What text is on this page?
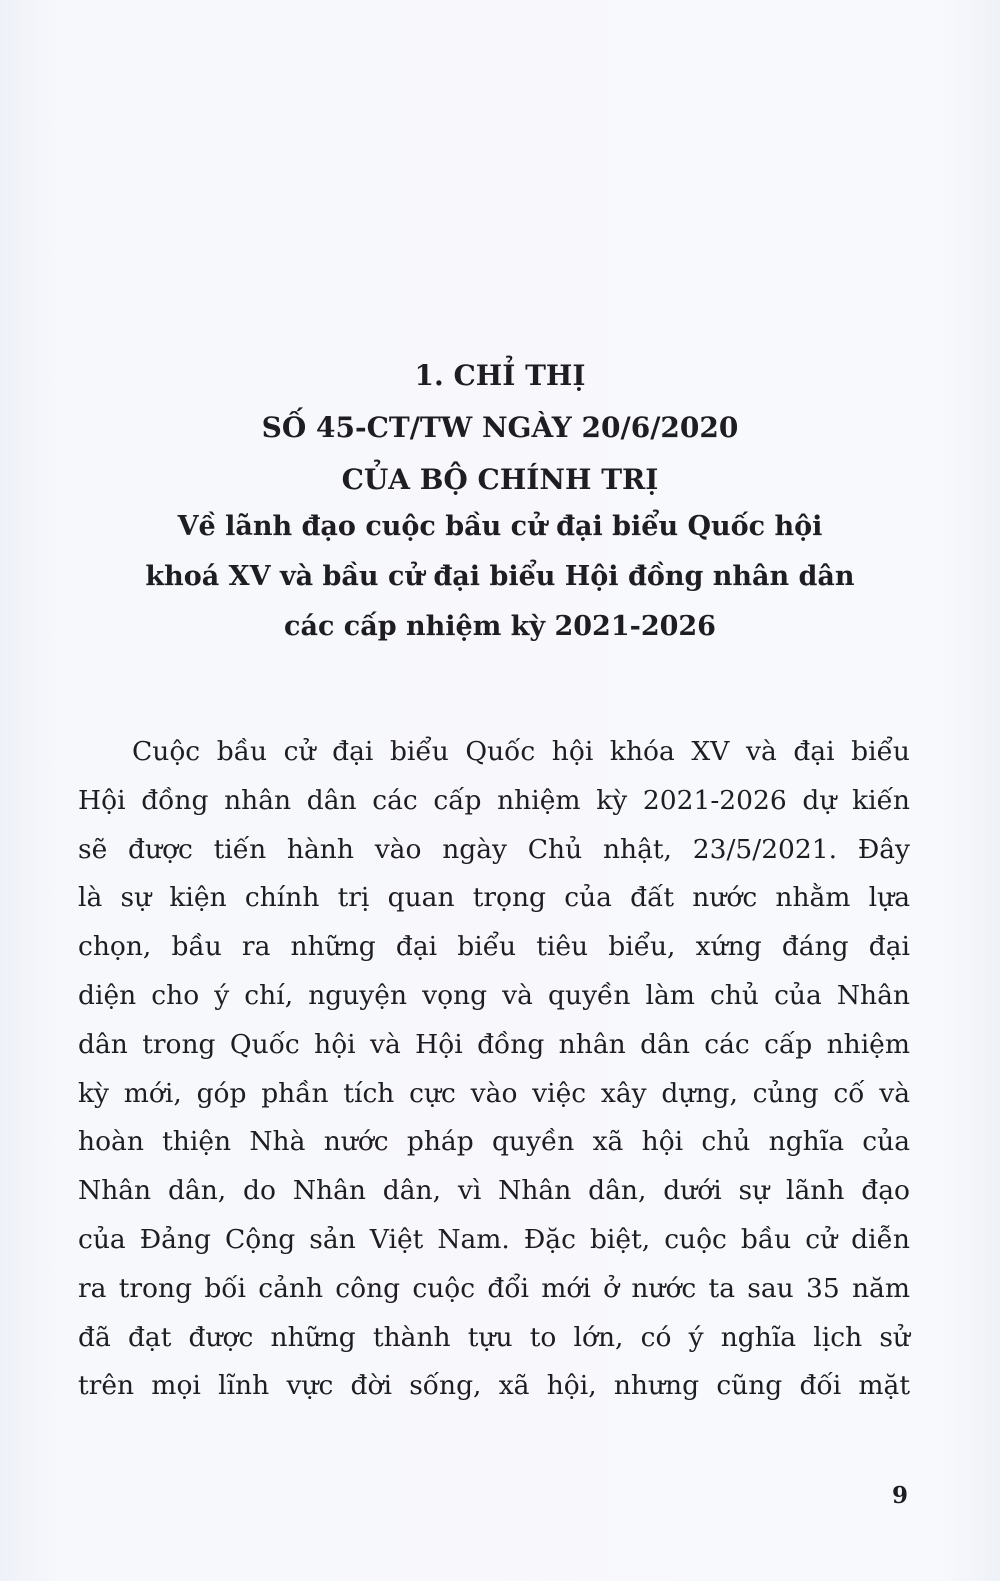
1. CHỈ THỊ
SỐ 45-CT/TW NGÀY 20/6/2020
CỦA BỘ CHÍNH TRỊ
Về lãnh đạo cuộc bầu cử đại biểu Quốc hội
khoá XV và bầu cử đại biểu Hội đồng nhân dân
các cấp nhiệm kỳ 2021-2026
Cuộc bầu cử đại biểu Quốc hội khóa XV và đại biểu
Hội đồng nhân dân các cấp nhiệm kỳ 2021-2026 dự kiến
sẽ được tiến hành vào ngày Chủ nhật, 23/5/2021. Đây
là sự kiện chính trị quan trọng của đất nước nhằm lựa
chọn, bầu ra những đại biểu tiêu biểu, xứng đáng đại
diện cho ý chí, nguyện vọng và quyền làm chủ của Nhân
dân trong Quốc hội và Hội đồng nhân dân các cấp nhiệm
kỳ mới, góp phần tích cực vào việc xây dựng, củng cố và
hoàn thiện Nhà nước pháp quyền xã hội chủ nghĩa của
Nhân dân, do Nhân dân, vì Nhân dân, dưới sự lãnh đạo
của Đảng Cộng sản Việt Nam. Đặc biệt, cuộc bầu cử diễn
ra trong bối cảnh công cuộc đổi mới ở nước ta sau 35 năm
đã đạt được những thành tựu to lớn, có ý nghĩa lịch sử
trên mọi lĩnh vực đời sống, xã hội, nhưng cũng đối mặt
9
